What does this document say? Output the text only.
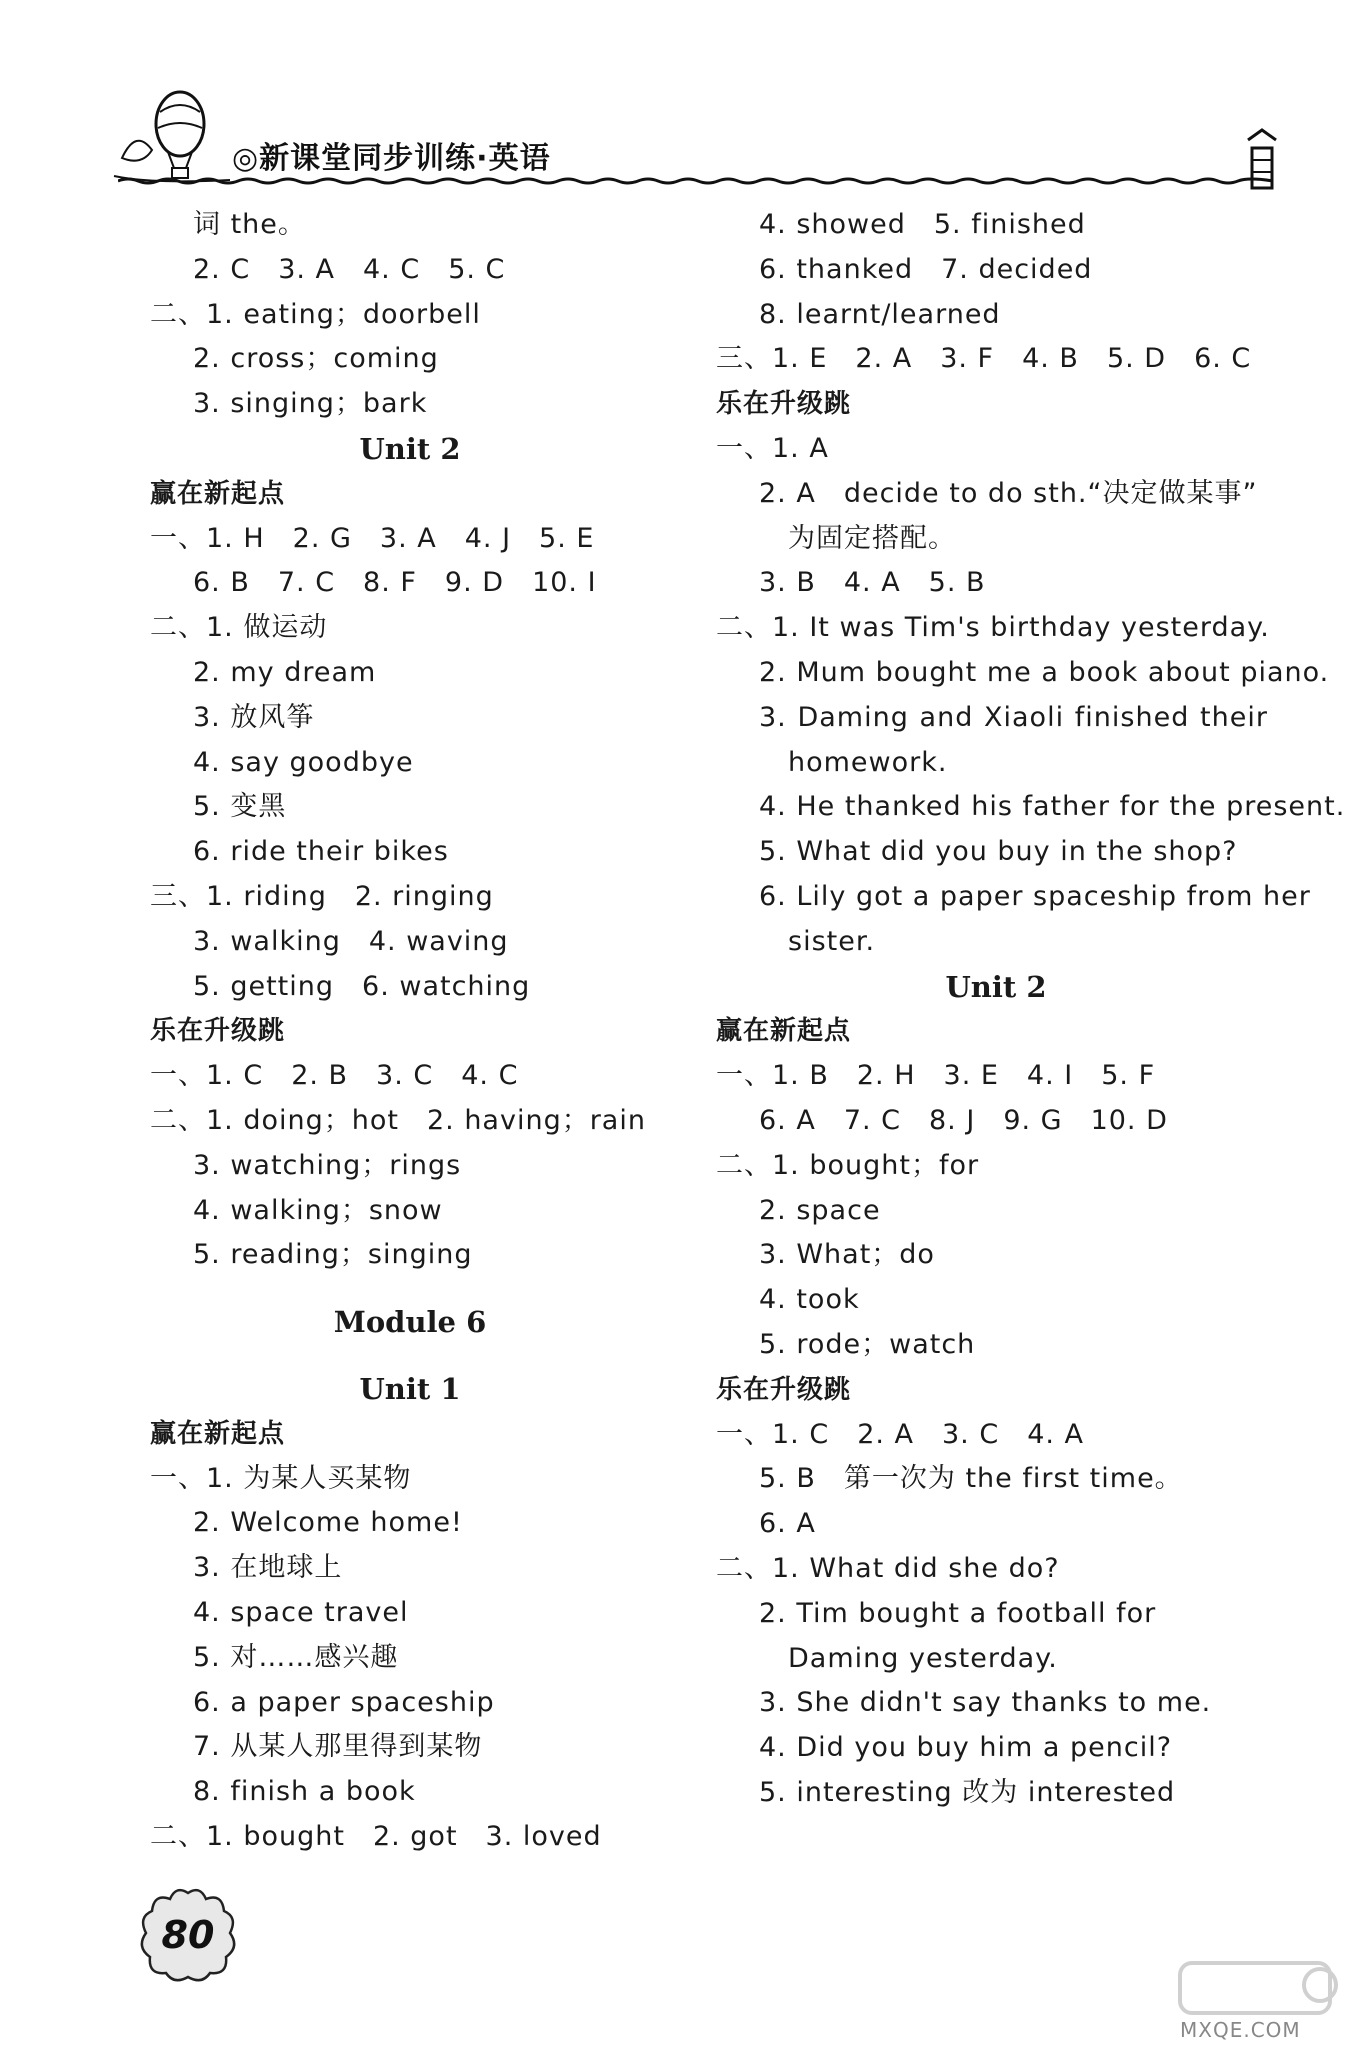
◎新课堂同步训练·英语
词 the。
2. C　3. A　4. C　5. C
二、1. eating；doorbell
2. cross；coming
3. singing；bark
Unit 2
赢在新起点
一、1. H　2. G　3. A　4. J　5. E
6. B　7. C　8. F　9. D　10. I
二、1. 做运动
2. my dream
3. 放风筝
4. say goodbye
5. 变黑
6. ride their bikes
三、1. riding　2. ringing
3. walking　4. waving
5. getting　6. watching
乐在升级跳
一、1. C　2. B　3. C　4. C
二、1. doing；hot　2. having；rain
3. watching；rings
4. walking；snow
5. reading；singing
Module 6
Unit 1
赢在新起点
一、1. 为某人买某物
2. Welcome home!
3. 在地球上
4. space travel
5. 对……感兴趣
6. a paper spaceship
7. 从某人那里得到某物
8. finish a book
二、1. bought　2. got　3. loved
4. showed　5. finished
6. thanked　7. decided
8. learnt/learned
三、1. E　2. A　3. F　4. B　5. D　6. C
乐在升级跳
一、1. A
2. A　decide to do sth.“决定做某事”
为固定搭配。
3. B　4. A　5. B
二、1. It was Tim's birthday yesterday.
2. Mum bought me a book about piano.
3. Daming and Xiaoli finished their
homework.
4. He thanked his father for the present.
5. What did you buy in the shop?
6. Lily got a paper spaceship from her
sister.
Unit 2
赢在新起点
一、1. B　2. H　3. E　4. I　5. F
6. A　7. C　8. J　9. G　10. D
二、1. bought；for
2. space
3. What；do
4. took
5. rode；watch
乐在升级跳
一、1. C　2. A　3. C　4. A
5. B　第一次为 the first time。
6. A
二、1. What did she do?
2. Tim bought a football for
Daming yesterday.
3. She didn't say thanks to me.
4. Did you buy him a pencil?
5. interesting 改为 interested
80
MXQE.COM
